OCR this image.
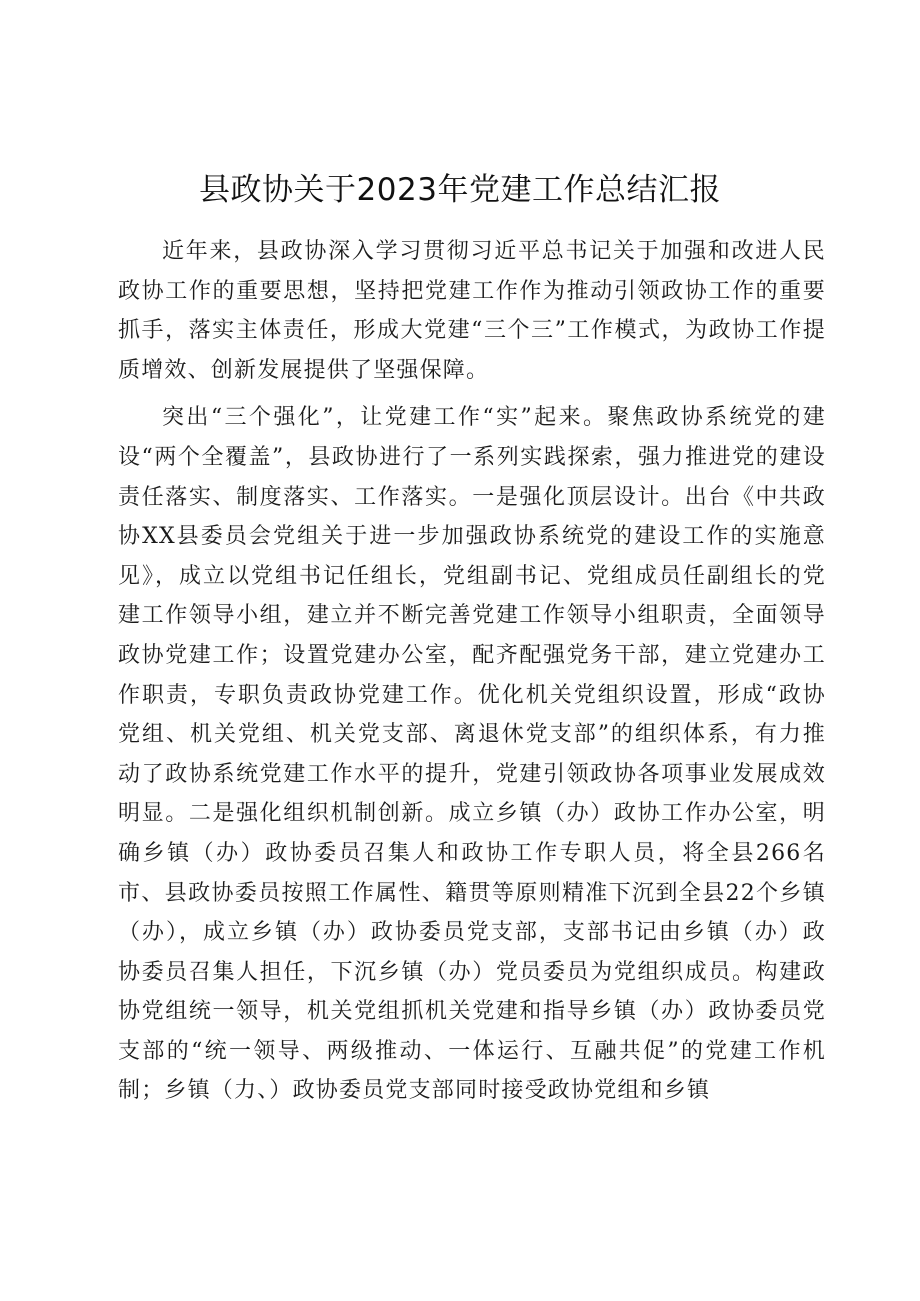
县政协关于2023年党建工作总结汇报

近年来，县政协深入学习贯彻习近平总书记关于加强和改进人民政协工作的重要思想，坚持把党建工作作为推动引领政协工作的重要抓手，落实主体责任，形成大党建“三个三”工作模式，为政协工作提质增效、创新发展提供了坚强保障。

突出“三个强化”，让党建工作“实”起来。聚焦政协系统党的建设“两个全覆盖”，县政协进行了一系列实践探索，强力推进党的建设责任落实、制度落实、工作落实。一是强化顶层设计。出台《中共政协XX县委员会党组关于进一步加强政协系统党的建设工作的实施意见》，成立以党组书记任组长，党组副书记、党组成员任副组长的党建工作领导小组，建立并不断完善党建工作领导小组职责，全面领导政协党建工作；设置党建办公室，配齐配强党务干部，建立党建办工作职责，专职负责政协党建工作。优化机关党组织设置，形成“政协党组、机关党组、机关党支部、离退休党支部”的组织体系，有力推动了政协系统党建工作水平的提升，党建引领政协各项事业发展成效明显。二是强化组织机制创新。成立乡镇（办）政协工作办公室，明确乡镇（办）政协委员召集人和政协工作专职人员，将全县266名市、县政协委员按照工作属性、籍贯等原则精准下沉到全县22个乡镇（办），成立乡镇（办）政协委员党支部，支部书记由乡镇（办）政协委员召集人担任，下沉乡镇（办）党员委员为党组织成员。构建政协党组统一领导，机关党组抓机关党建和指导乡镇（办）政协委员党支部的“统一领导、两级推动、一体运行、互融共促”的党建工作机制；乡镇（力、）政协委员党支部同时接受政协党组和乡镇
